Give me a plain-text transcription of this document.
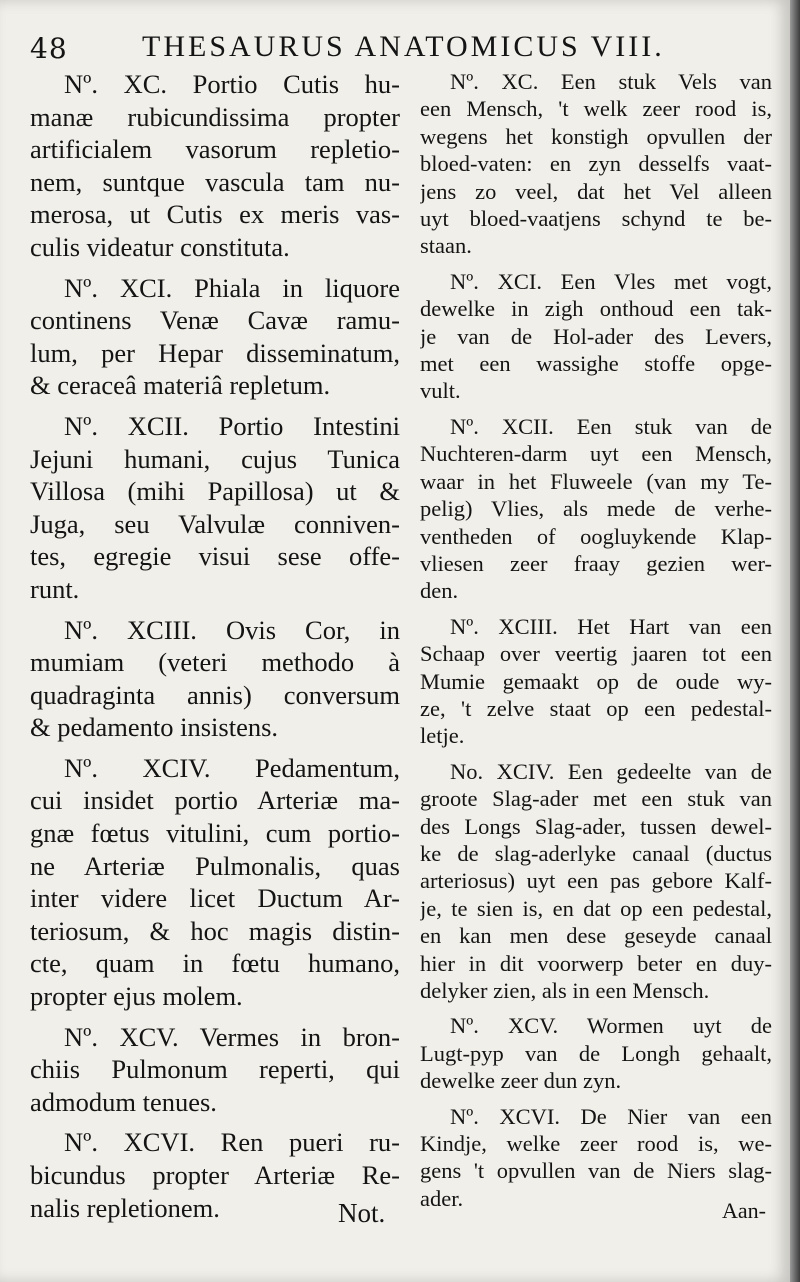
48 THESAURUS ANATOMICUS VIII.
Nº. XC. Portio Cutis hu-
manæ rubicundissima propter
artificialem vasorum repletio-
nem, suntque vascula tam nu-
merosa, ut Cutis ex meris vas-
culis videatur constituta.
Nº. XCI. Phiala in liquore
continens Venæ Cavæ ramu-
lum, per Hepar disseminatum,
& ceraceâ materiâ repletum.
Nº. XCII. Portio Intestini
Jejuni humani, cujus Tunica
Villosa (mihi Papillosa) ut &
Juga, seu Valvulæ conniven-
tes, egregie visui sese offe-
runt.
Nº. XCIII. Ovis Cor, in
mumiam (veteri methodo à
quadraginta annis) conversum
& pedamento insistens.
Nº. XCIV. Pedamentum,
cui insidet portio Arteriæ ma-
gnæ fœtus vitulini, cum portio-
ne Arteriæ Pulmonalis, quas
inter videre licet Ductum Ar-
teriosum, & hoc magis distin-
cte, quam in fœtu humano,
propter ejus molem.
Nº. XCV. Vermes in bron-
chiis Pulmonum reperti, qui
admodum tenues.
Nº. XCVI. Ren pueri ru-
bicundus propter Arteriæ Re-
nalis repletionem.
Nº. XC. Een stuk Vels van
een Mensch, 't welk zeer rood is,
wegens het konstigh opvullen der
bloed-vaten: en zyn desselfs vaat-
jens zo veel, dat het Vel alleen
uyt bloed-vaatjens schynd te be-
staan.
Nº. XCI. Een Vles met vogt,
dewelke in zigh onthoud een tak-
je van de Hol-ader des Levers,
met een wassighe stoffe opge-
vult.
Nº. XCII. Een stuk van de
Nuchteren-darm uyt een Mensch,
waar in het Fluweele (van my Te-
pelig) Vlies, als mede de verhe-
ventheden of oogluykende Klap-
vliesen zeer fraay gezien wer-
den.
Nº. XCIII. Het Hart van een
Schaap over veertig jaaren tot een
Mumie gemaakt op de oude wy-
ze, 't zelve staat op een pedestal-
letje.
No. XCIV. Een gedeelte van de
groote Slag-ader met een stuk van
des Longs Slag-ader, tussen dewel-
ke de slag-aderlyke canaal (ductus
arteriosus) uyt een pas gebore Kalf-
je, te sien is, en dat op een pedestal,
en kan men dese geseyde canaal
hier in dit voorwerp beter en duy-
delyker zien, als in een Mensch.
Nº. XCV. Wormen uyt de
Lugt-pyp van de Longh gehaalt,
dewelke zeer dun zyn.
Nº. XCVI. De Nier van een
Kindje, welke zeer rood is, we-
gens 't opvullen van de Niers slag-
ader.
Not.	Aan-
